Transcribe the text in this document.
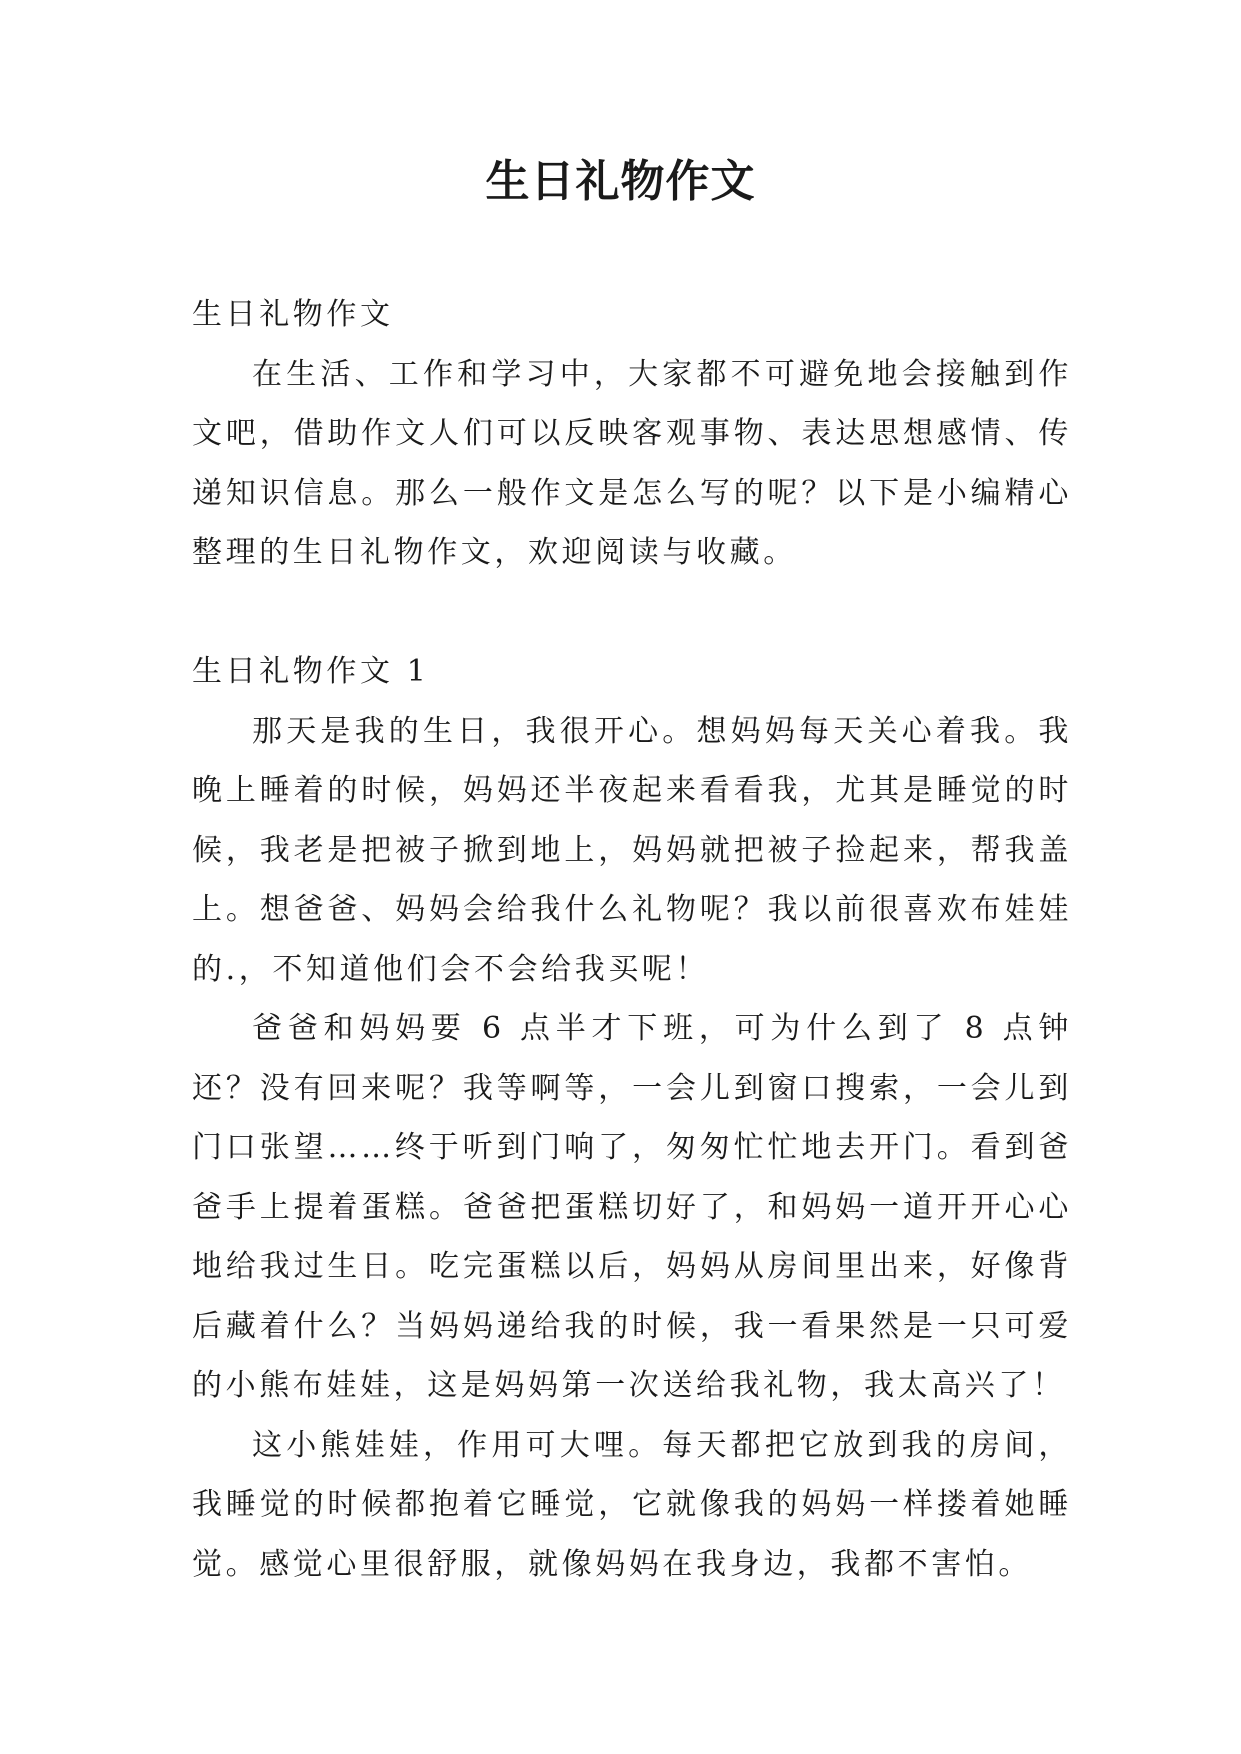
生日礼物作文

生日礼物作文

在生活、工作和学习中，大家都不可避免地会接触到作文吧，借助作文人们可以反映客观事物、表达思想感情、传递知识信息。那么一般作文是怎么写的呢？以下是小编精心整理的生日礼物作文，欢迎阅读与收藏。

生日礼物作文 1

那天是我的生日，我很开心。想妈妈每天关心着我。我晚上睡着的时候，妈妈还半夜起来看看我，尤其是睡觉的时候，我老是把被子掀到地上，妈妈就把被子捡起来，帮我盖上。想爸爸、妈妈会给我什么礼物呢？我以前很喜欢布娃娃的.，不知道他们会不会给我买呢！

爸爸和妈妈要 6 点半才下班，可为什么到了 8 点钟还？没有回来呢？我等啊等，一会儿到窗口搜索，一会儿到门口张望……终于听到门响了，匆匆忙忙地去开门。看到爸爸手上提着蛋糕。爸爸把蛋糕切好了，和妈妈一道开开心心地给我过生日。吃完蛋糕以后，妈妈从房间里出来，好像背后藏着什么？当妈妈递给我的时候，我一看果然是一只可爱的小熊布娃娃，这是妈妈第一次送给我礼物，我太高兴了！

这小熊娃娃，作用可大哩。每天都把它放到我的房间，我睡觉的时候都抱着它睡觉，它就像我的妈妈一样搂着她睡觉。感觉心里很舒服，就像妈妈在我身边，我都不害怕。
